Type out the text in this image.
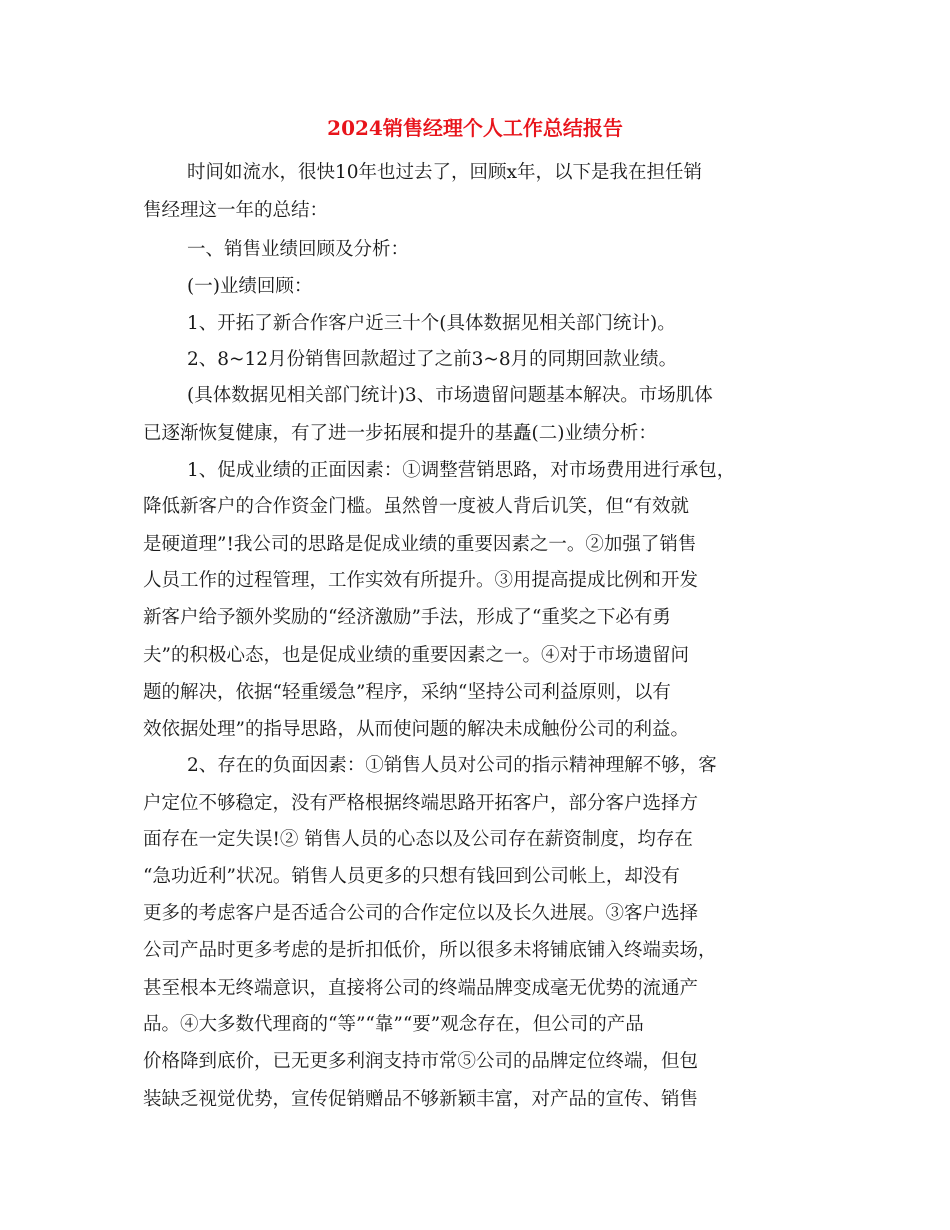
2024销售经理个人工作总结报告

时间如流水，很快10年也过去了，回顾x年，以下是我在担任销

售经理这一年的总结：

一、销售业绩回顾及分析：

(一)业绩回顾：

1、开拓了新合作客户近三十个(具体数据见相关部门统计)。

2、8~12月份销售回款超过了之前3~8月的同期回款业绩。

(具体数据见相关部门统计)3、市场遗留问题基本解决。市场肌体

已逐渐恢复健康，有了进一步拓展和提升的基矗(二)业绩分析：

1、促成业绩的正面因素：①调整营销思路，对市场费用进行承包，

降低新客户的合作资金门槛。虽然曾一度被人背后讥笑，但“有效就

是硬道理”!我公司的思路是促成业绩的重要因素之一。②加强了销售

人员工作的过程管理，工作实效有所提升。③用提高提成比例和开发

新客户给予额外奖励的“经济激励”手法，形成了“重奖之下必有勇

夫”的积极心态，也是促成业绩的重要因素之一。④对于市场遗留问

题的解决，依据“轻重缓急”程序，采纳“坚持公司利益原则，以有

效依据处理”的指导思路，从而使问题的解决未成触份公司的利益。

2、存在的负面因素：①销售人员对公司的指示精神理解不够，客

户定位不够稳定，没有严格根据终端思路开拓客户，部分客户选择方

面存在一定失误!② 销售人员的心态以及公司存在薪资制度，均存在

“急功近利”状况。销售人员更多的只想有钱回到公司帐上，却没有

更多的考虑客户是否适合公司的合作定位以及长久进展。③客户选择

公司产品时更多考虑的是折扣低价，所以很多未将铺底铺入终端卖场，

甚至根本无终端意识，直接将公司的终端品牌变成毫无优势的流通产

品。④大多数代理商的“等”“靠”“要”观念存在，但公司的产品

价格降到底价，已无更多利润支持市常⑤公司的品牌定位终端，但包

装缺乏视觉优势，宣传促销赠品不够新颖丰富，对产品的宣传、销售
